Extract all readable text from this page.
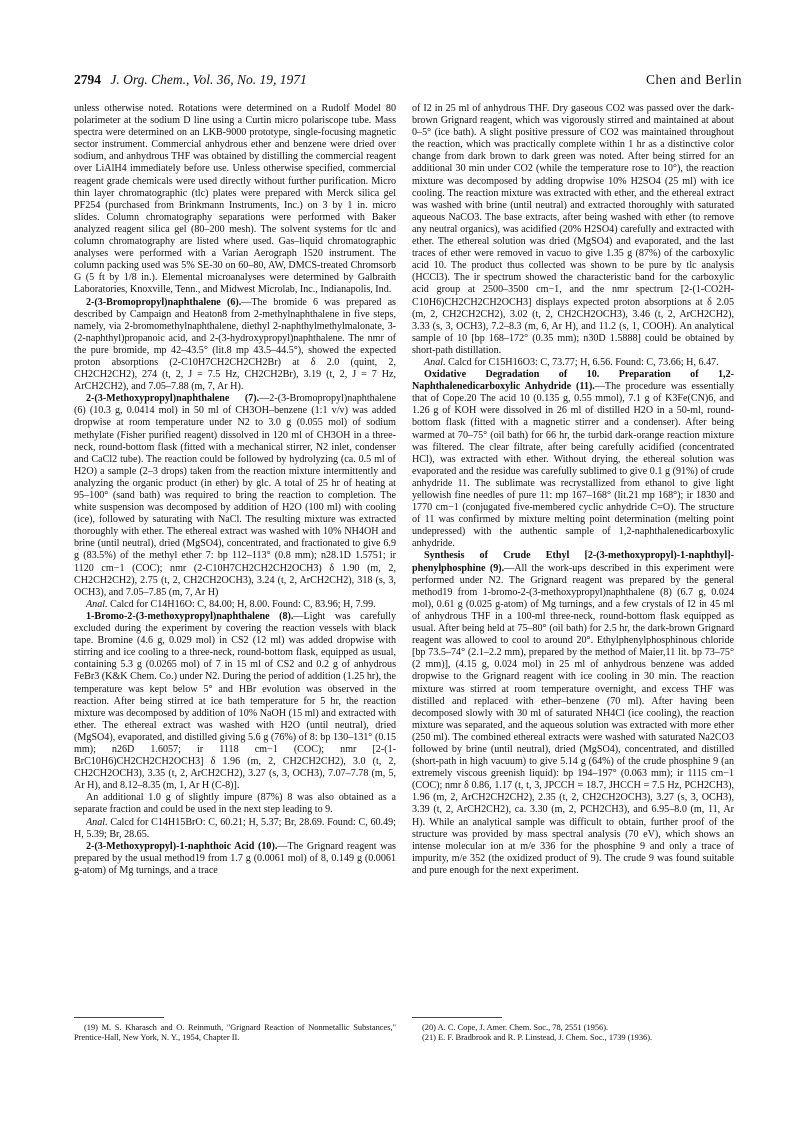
2794 J. Org. Chem., Vol. 36, No. 19, 1971	Chen and Berlin

unless otherwise noted. Rotations were determined on a Rudolf Model 80 polarimeter at the sodium D line using a Curtin micro polariscope tube. Mass spectra were determined on an LKB-9000 prototype, single-focusing magnetic sector instrument. Commercial anhydrous ether and benzene were dried over sodium, and anhydrous THF was obtained by distilling the commercial reagent over LiAlH4 immediately before use. Unless otherwise specified, commercial reagent grade chemicals were used directly without further purification. Micro thin layer chromatographic (tlc) plates were prepared with Merck silica gel PF254 (purchased from Brinkmann Instruments, Inc.) on 3 by 1 in. micro slides. Column chromatography separations were performed with Baker analyzed reagent silica gel (80–200 mesh). The solvent systems for tlc and column chromatography are listed where used. Gas–liquid chromatographic analyses were performed with a Varian Aerograph 1520 instrument. The column packing used was 5% SE-30 on 60–80, AW, DMCS-treated Chromsorb G (5 ft by 1/8 in.). Elemental microanalyses were determined by Galbraith Laboratories, Knoxville, Tenn., and Midwest Microlab, Inc., Indianapolis, Ind.

2-(3-Bromopropyl)naphthalene (6).—The bromide 6 was prepared as described by Campaign and Heaton8 from 2-methylnaphthalene in five steps, namely, via 2-bromomethylnaphthalene, diethyl 2-naphthylmethylmalonate, 3-(2-naphthyl)propanoic acid, and 2-(3-hydroxypropyl)naphthalene. The nmr of the pure bromide, mp 42–43.5° (lit.8 mp 43.5–44.5°), showed the expected proton absorptions (2-C10H7CH2CH2CH2Br) at δ 2.0 (quint, 2, CH2CH2CH2), 274 (t, 2, J = 7.5 Hz, CH2CH2Br), 3.19 (t, 2, J = 7 Hz, ArCH2CH2), and 7.05–7.88 (m, 7, Ar H).

2-(3-Methoxypropyl)naphthalene (7).—2-(3-Bromopropyl)naphthalene (6) (10.3 g, 0.0414 mol) in 50 ml of CH3OH–benzene (1:1 v/v) was added dropwise at room temperature under N2 to 3.0 g (0.055 mol) of sodium methylate (Fisher purified reagent) dissolved in 120 ml of CH3OH in a three-neck, round-bottom flask (fitted with a mechanical stirrer, N2 inlet, condenser and CaCl2 tube). The reaction could be followed by hydrolyzing (ca. 0.5 ml of H2O) a sample (2–3 drops) taken from the reaction mixture intermittently and analyzing the organic product (in ether) by glc. A total of 25 hr of heating at 95–100° (sand bath) was required to bring the reaction to completion. The white suspension was decomposed by addition of H2O (100 ml) with cooling (ice), followed by saturating with NaCl. The resulting mixture was extracted thoroughly with ether. The ethereal extract was washed with 10% NH4OH and brine (until neutral), dried (MgSO4), concentrated, and fractionated to give 6.9 g (83.5%) of the methyl ether 7: bp 112–113° (0.8 mm); n28.1D 1.5751; ir 1120 cm−1 (COC); nmr (2-C10H7CH2CH2CH2OCH3) δ 1.90 (m, 2, CH2CH2CH2), 2.75 (t, 2, CH2CH2OCH3), 3.24 (t, 2, ArCH2CH2), 318 (s, 3, OCH3), and 7.05–7.85 (m, 7, Ar H)

Anal. Calcd for C14H16O: C, 84.00; H, 8.00. Found: C, 83.96; H, 7.99.

1-Bromo-2-(3-methoxypropyl)naphthalene (8).—Light was carefully excluded during the experiment by covering the reaction vessels with black tape. Bromine (4.6 g, 0.029 mol) in CS2 (12 ml) was added dropwise with stirring and ice cooling to a three-neck, round-bottom flask, equipped as usual, containing 5.3 g (0.0265 mol) of 7 in 15 ml of CS2 and 0.2 g of anhydrous FeBr3 (K&K Chem. Co.) under N2. During the period of addition (1.25 hr), the temperature was kept below 5° and HBr evolution was observed in the reaction. After being stirred at ice bath temperature for 5 hr, the reaction mixture was decomposed by addition of 10% NaOH (15 ml) and extracted with ether. The ethereal extract was washed with H2O (until neutral), dried (MgSO4), evaporated, and distilled giving 5.6 g (76%) of 8: bp 130–131° (0.15 mm); n26D 1.6057; ir 1118 cm−1 (COC); nmr [2-(1-BrC10H6)CH2CH2CH2OCH3] δ 1.96 (m, 2, CH2CH2CH2), 3.0 (t, 2, CH2CH2OCH3), 3.35 (t, 2, ArCH2CH2), 3.27 (s, 3, OCH3), 7.07–7.78 (m, 5, Ar H), and 8.12–8.35 (m, 1, Ar H (C-8)].

An additional 1.0 g of slightly impure (87%) 8 was also obtained as a separate fraction and could be used in the next step leading to 9.

Anal. Calcd for C14H15BrO: C, 60.21; H, 5.37; Br, 28.69. Found: C, 60.49; H, 5.39; Br, 28.65.

2-(3-Methoxypropyl)-1-naphthoic Acid (10).—The Grignard reagent was prepared by the usual method19 from 1.7 g (0.0061 mol) of 8, 0.149 g (0.0061 g-atom) of Mg turnings, and a trace

of I2 in 25 ml of anhydrous THF. Dry gaseous CO2 was passed over the dark-brown Grignard reagent, which was vigorously stirred and maintained at about 0–5° (ice bath). A slight positive pressure of CO2 was maintained throughout the reaction, which was practically complete within 1 hr as a distinctive color change from dark brown to dark green was noted. After being stirred for an additional 30 min under CO2 (while the temperature rose to 10°), the reaction mixture was decomposed by adding dropwise 10% H2SO4 (25 ml) with ice cooling. The reaction mixture was extracted with ether, and the ethereal extract was washed with brine (until neutral) and extracted thoroughly with saturated aqueous NaCO3. The base extracts, after being washed with ether (to remove any neutral organics), was acidified (20% H2SO4) carefully and extracted with ether. The ethereal solution was dried (MgSO4) and evaporated, and the last traces of ether were removed in vacuo to give 1.35 g (87%) of the carboxylic acid 10. The product thus collected was shown to be pure by tlc analysis (HCCl3). The ir spectrum showed the characteristic band for the carboxylic acid group at 2500–3500 cm−1, and the nmr spectrum [2-(1-CO2H-C10H6)CH2CH2CH2OCH3] displays expected proton absorptions at δ 2.05 (m, 2, CH2CH2CH2), 3.02 (t, 2, CH2CH2OCH3), 3.46 (t, 2, ArCH2CH2), 3.33 (s, 3, OCH3), 7.2–8.3 (m, 6, Ar H), and 11.2 (s, 1, COOH). An analytical sample of 10 [bp 168–172° (0.35 mm); n30D 1.5888] could be obtained by short-path distillation.

Anal. Calcd for C15H16O3: C, 73.77; H, 6.56. Found: C, 73.66; H, 6.47.

Oxidative Degradation of 10. Preparation of 1,2-Naphthalenedicarboxylic Anhydride (11).—The procedure was essentially that of Cope.20 The acid 10 (0.135 g, 0.55 mmol), 7.1 g of K3Fe(CN)6, and 1.26 g of KOH were dissolved in 26 ml of distilled H2O in a 50-ml, round-bottom flask (fitted with a magnetic stirrer and a condenser). After being warmed at 70–75° (oil bath) for 66 hr, the turbid dark-orange reaction mixture was filtered. The clear filtrate, after being carefully acidified (concentrated HCl), was extracted with ether. Without drying, the ethereal solution was evaporated and the residue was carefully sublimed to give 0.1 g (91%) of crude anhydride 11. The sublimate was recrystallized from ethanol to give light yellowish fine needles of pure 11: mp 167–168° (lit.21 mp 168°); ir 1830 and 1770 cm−1 (conjugated five-membered cyclic anhydride C=O). The structure of 11 was confirmed by mixture melting point determination (melting point undepressed) with the authentic sample of 1,2-naphthalenedicarboxylic anhydride.

Synthesis of Crude Ethyl [2-(3-methoxypropyl)-1-naphthyl]-phenylphosphine (9).—All the work-ups described in this experiment were performed under N2. The Grignard reagent was prepared by the general method19 from 1-bromo-2-(3-methoxypropyl)naphthalene (8) (6.7 g, 0.024 mol), 0.61 g (0.025 g-atom) of Mg turnings, and a few crystals of I2 in 45 ml of anhydrous THF in a 100-ml three-neck, round-bottom flask equipped as usual. After being held at 75–80° (oil bath) for 2.5 hr, the dark-brown Grignard reagent was allowed to cool to around 20°. Ethylphenylphosphinous chloride [bp 73.5–74° (2.1–2.2 mm), prepared by the method of Maier,11 lit. bp 73–75° (2 mm)], (4.15 g, 0.024 mol) in 25 ml of anhydrous benzene was added dropwise to the Grignard reagent with ice cooling in 30 min. The reaction mixture was stirred at room temperature overnight, and excess THF was distilled and replaced with ether–benzene (70 ml). After having been decomposed slowly with 30 ml of saturated NH4Cl (ice cooling), the reaction mixture was separated, and the aqueous solution was extracted with more ether (250 ml). The combined ethereal extracts were washed with saturated Na2CO3 followed by brine (until neutral), dried (MgSO4), concentrated, and distilled (short-path in high vacuum) to give 5.14 g (64%) of the crude phosphine 9 (an extremely viscous greenish liquid): bp 194–197° (0.063 mm); ir 1115 cm−1 (COC); nmr δ 0.86, 1.17 (t, t, 3, JPCCH = 18.7, JHCCH = 7.5 Hz, PCH2CH3), 1.96 (m, 2, ArCH2CH2CH2), 2.35 (t, 2, CH2CH2OCH3), 3.27 (s, 3, OCH3), 3.39 (t, 2, ArCH2CH2), ca. 3.30 (m, 2, PCH2CH3), and 6.95–8.0 (m, 11, Ar H). While an analytical sample was difficult to obtain, further proof of the structure was provided by mass spectral analysis (70 eV), which shows an intense molecular ion at m/e 336 for the phosphine 9 and only a trace of impurity, m/e 352 (the oxidized product of 9). The crude 9 was found suitable and pure enough for the next experiment.

(19) M. S. Kharasch and O. Reinmuth, "Grignard Reaction of Nonmetallic Substances," Prentice-Hall, New York, N. Y., 1954, Chapter II.

(20) A. C. Cope, J. Amer. Chem. Soc., 78, 2551 (1956).

(21) E. F. Bradbrook and R. P. Linstead, J. Chem. Soc., 1739 (1936).
